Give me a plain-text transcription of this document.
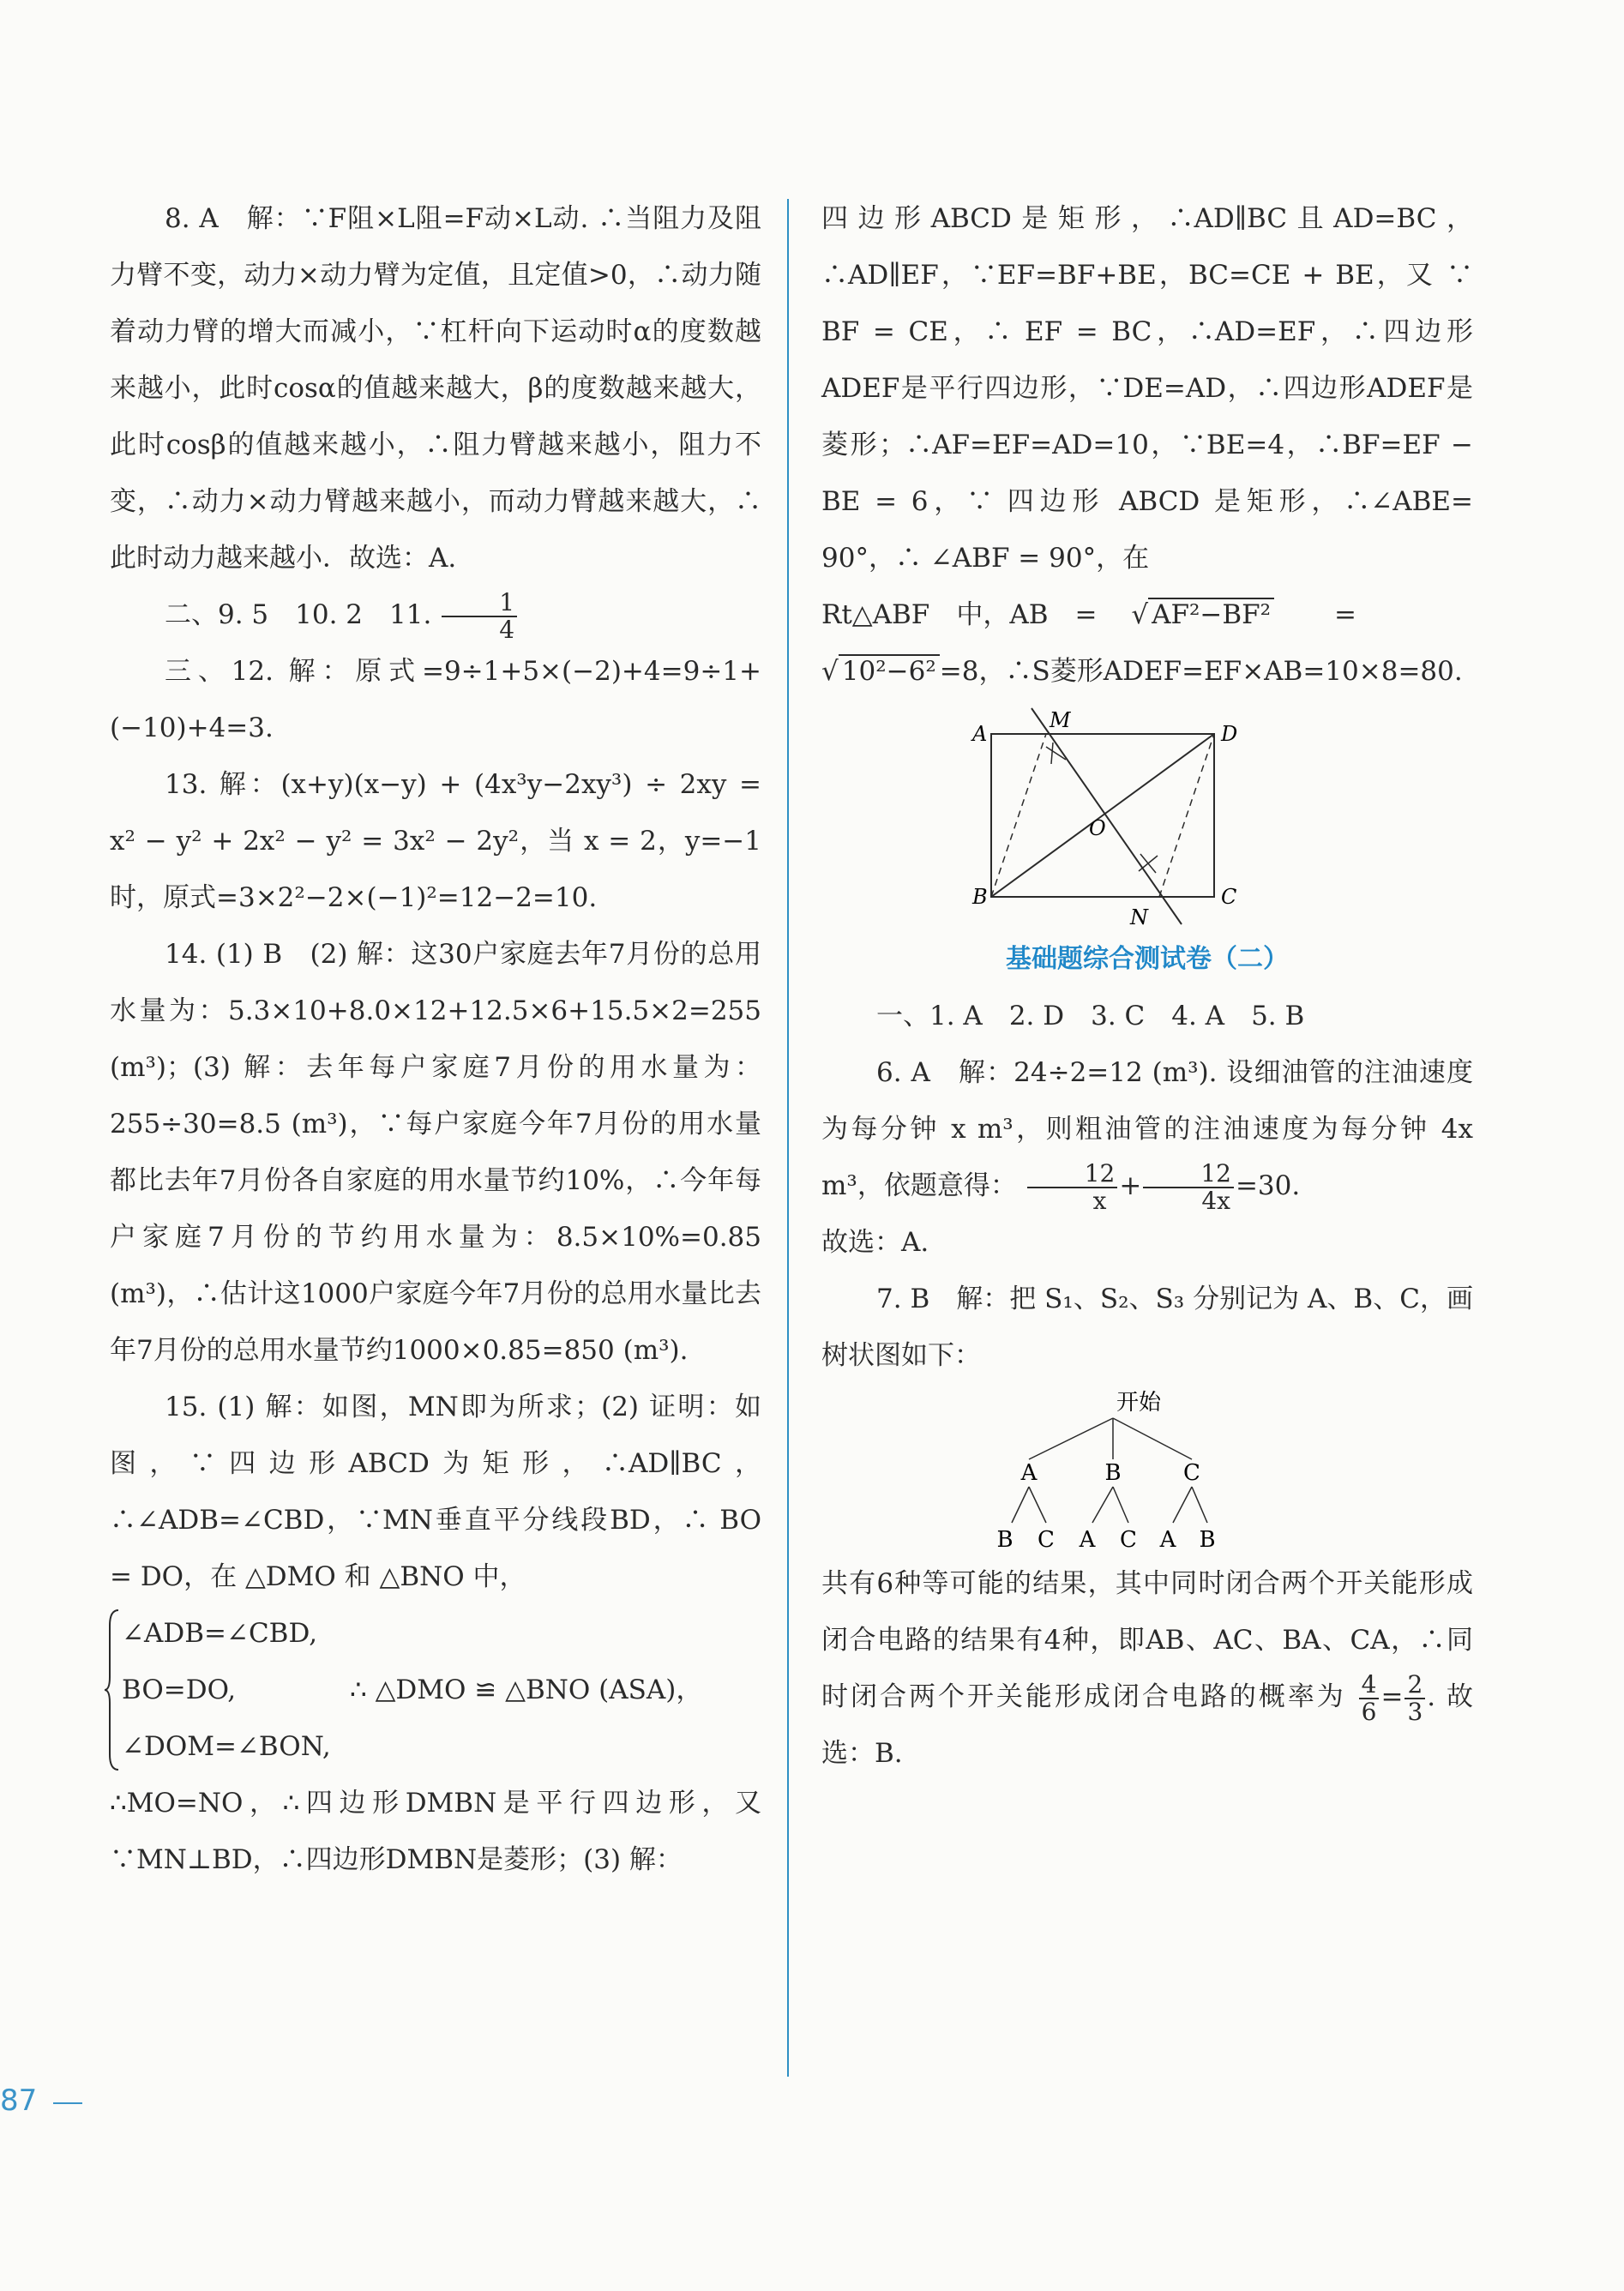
8. A　解：∵F阻×L阻=F动×L动. ∴当阻力及阻力臂不变，动力×动力臂为定值，且定值>0，∴动力随着动力臂的增大而减小，∵杠杆向下运动时α的度数越来越小，此时cosα的值越来越大，β的度数越来越大，此时cosβ的值越来越小，∴阻力臂越来越小，阻力不变，∴动力×动力臂越来越小，而动力臂越来越大，∴此时动力越来越小．故选：A.

二、9. 5　10. 2　11. $\frac{1}{4}$

三、12. 解：原式=9÷1+5×(−2)+4=9÷1+(−10)+4=3.

13. 解：(x+y)(x−y) + (4x³y−2xy³) ÷ 2xy = x² − y² + 2x² − y² = 3x² − 2y²，当 x = 2，y=−1时，原式=3×2²−2×(−1)²=12−2=10.

14. (1) B　(2) 解：这30户家庭去年7月份的总用水量为：5.3×10+8.0×12+12.5×6+15.5×2=255 (m³)；(3) 解：去年每户家庭7月份的用水量为：255÷30=8.5 (m³)，∵每户家庭今年7月份的用水量都比去年7月份各自家庭的用水量节约10%，∴今年每户家庭7月份的节约用水量为：8.5×10%=0.85 (m³)，∴估计这1000户家庭今年7月份的总用水量比去年7月份的总用水量节约1000×0.85=850 (m³).

15. (1) 解：如图，MN即为所求；(2) 证明：如图，∵四边形ABCD为矩形，∴AD∥BC，∴∠ADB=∠CBD，∵MN垂直平分线段BD，∴ BO = DO，在 △DMO 和 △BNO 中，

∠ADB=∠CBD,
BO=DO,
∠DOM=∠BON,
∴ △DMO ≌ △BNO (ASA)，

∴MO=NO，∴四边形DMBN是平行四边形，又∵MN⊥BD，∴四边形DMBN是菱形；(3) 解：

四边形ABCD是矩形，∴AD∥BC且AD=BC，∴AD∥EF，∵EF=BF+BE，BC=CE + BE，又 ∵ BF = CE，∴ EF = BC，∴AD=EF，∴四边形ADEF是平行四边形，∵DE=AD，∴四边形ADEF是菱形；∴AF=EF=AD=10，∵BE=4，∴BF=EF − BE = 6，∵ 四边形 ABCD 是矩形，∴∠ABE= 90°，∴ ∠ABF = 90°，在

Rt△ABF　中，AB　= √ AF²−BF² =

√ 10²−6² =8，∴S菱形ADEF=EF×AB=10×8=80.

A
B	C
D
M
N
O

基础题综合测试卷（二）

一、1. A　2. D　3. C　4. A　5. B

6. A　解：24÷2=12 (m³). 设细油管的注油速度为每分钟 x m³，则粗油管的注油速度为每分钟 4x m³，依题意得： $\frac{12}{x} + \frac{12}{4x} =30$.

故选：A.

7. B　解：把 S₁、S₂、S₃ 分别记为 A、B、C，画树状图如下：

开始
A	B	C
B C A C A B

共有6种等可能的结果，其中同时闭合两个开关能形成闭合电路的结果有4种，即AB、AC、BA、CA，∴同时闭合两个开关能形成闭合电路的概率为 $\frac{4}{6} = \frac{2}{3}$ . 故选：B.

87
